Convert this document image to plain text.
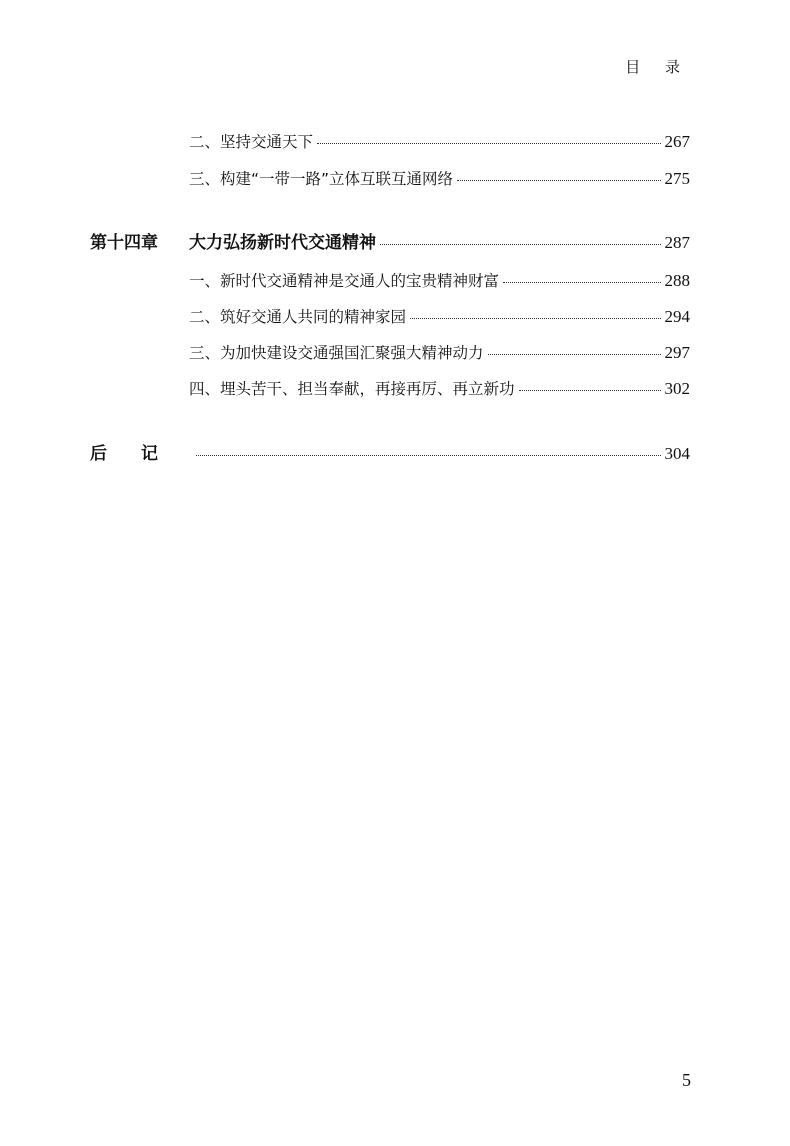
目 录
二、坚持交通天下	267
三、构建“一带一路”立体互联互通网络	275
第十四章	大力弘扬新时代交通精神	287
一、新时代交通精神是交通人的宝贵精神财富	288
二、筑好交通人共同的精神家园	294
三、为加快建设交通强国汇聚强大精神动力	297
四、埋头苦干、担当奉献，再接再厉、再立新功	302
后记	304
5
